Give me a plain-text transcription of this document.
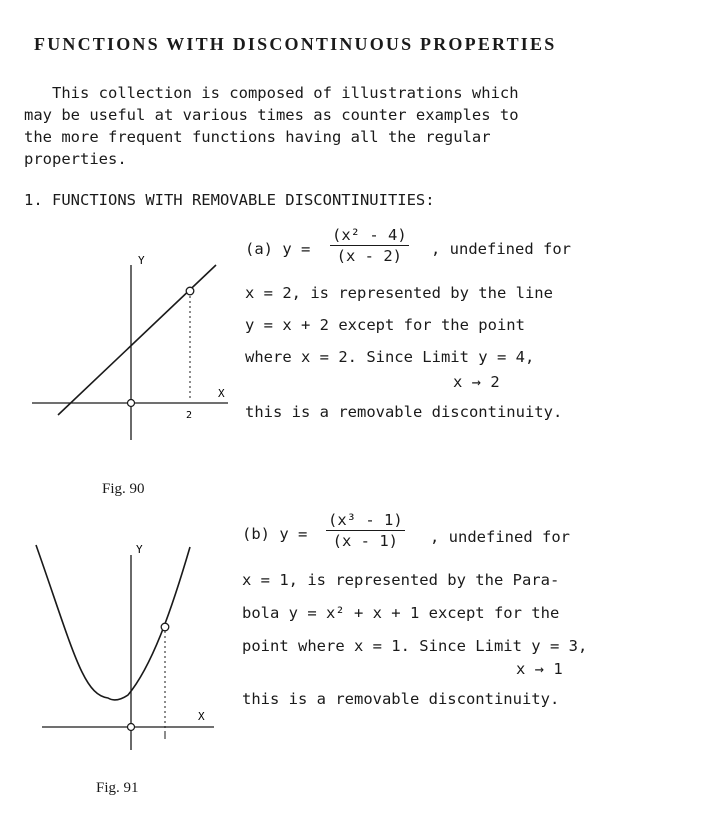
FUNCTIONS WITH DISCONTINUOUS PROPERTIES
This collection is composed of illustrations which
may be useful at various times as counter examples to
the more frequent functions having all the regular
properties.
1. FUNCTIONS WITH REMOVABLE DISCONTINUITIES:
Y
X
2
Fig. 90
(a) $y = \frac{\text{(x² - 4)}}{(x - 2)}$ , undefined for
x = 2, is represented by the line
y = x + 2 except for the point
where x = 2. Since Limit y = 4,
x → 2
this is a removable discontinuity.
Y
X
Fig. 91
(b) $y = \frac{\text{(x³ - 1)}}{(x - 1)}$ , undefined for
x = 1, is represented by the Para-
bola y = x² + x + 1 except for the
point where x = 1. Since Limit y = 3,
x → 1
this is a removable discontinuity.
